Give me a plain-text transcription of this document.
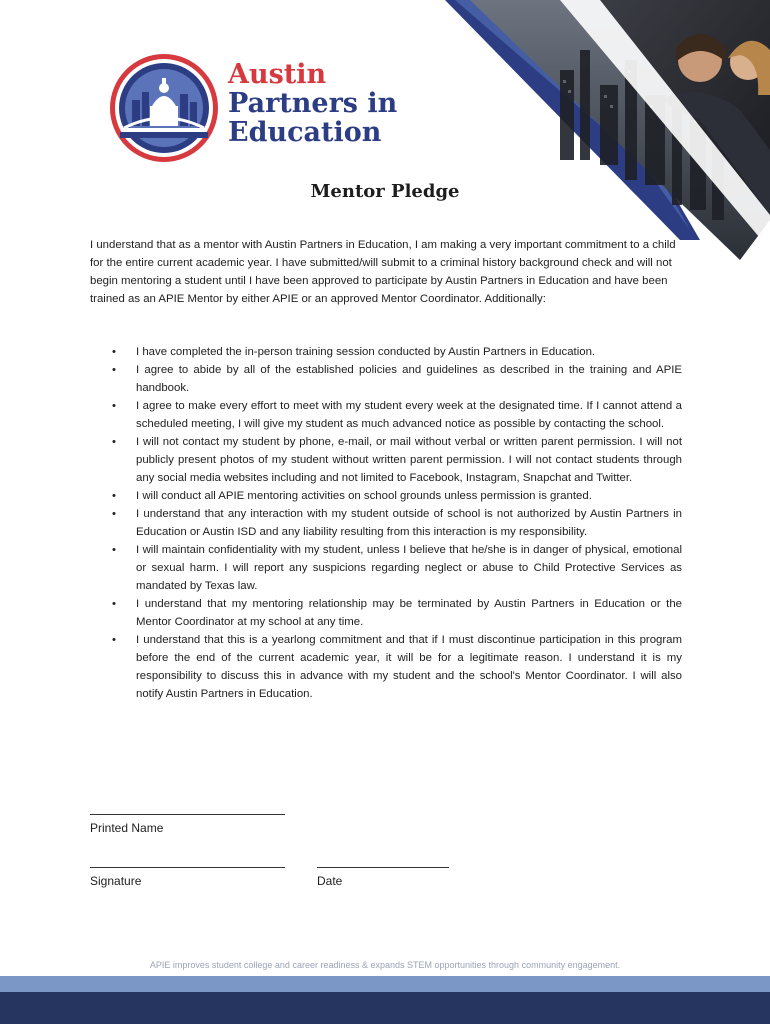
Austin

Partners in

Education

Mentor Pledge

I understand that as a mentor with Austin Partners in Education, I am making a very important commitment to a child for the entire current academic year. I have submitted/will submit to a criminal history background check and will not begin mentoring a student until I have been approved to participate by Austin Partners in Education and have been trained as an APIE Mentor by either APIE or an approved Mentor Coordinator. Additionally:

• I have completed the in-person training session conducted by Austin Partners in Education.
• I agree to abide by all of the established policies and guidelines as described in the training and APIE handbook.
• I agree to make every effort to meet with my student every week at the designated time. If I cannot attend a scheduled meeting, I will give my student as much advanced notice as possible by contacting the school.
• I will not contact my student by phone, e-mail, or mail without verbal or written parent permission. I will not publicly present photos of my student without written parent permission. I will not contact students through any social media websites including and not limited to Facebook, Instagram, Snapchat and Twitter.
• I will conduct all APIE mentoring activities on school grounds unless permission is granted.
• I understand that any interaction with my student outside of school is not authorized by Austin Partners in Education or Austin ISD and any liability resulting from this interaction is my responsibility.
• I will maintain confidentiality with my student, unless I believe that he/she is in danger of physical, emotional or sexual harm. I will report any suspicions regarding neglect or abuse to Child Protective Services as mandated by Texas law.
• I understand that my mentoring relationship may be terminated by Austin Partners in Education or the Mentor Coordinator at my school at any time.
• I understand that this is a yearlong commitment and that if I must discontinue participation in this program before the end of the current academic year, it will be for a legitimate reason. I understand it is my responsibility to discuss this in advance with my student and the school's Mentor Coordinator. I will also notify Austin Partners in Education.

Printed Name

Signature	Date

APIE improves student college and career readiness & expands STEM opportunities through community engagement.
